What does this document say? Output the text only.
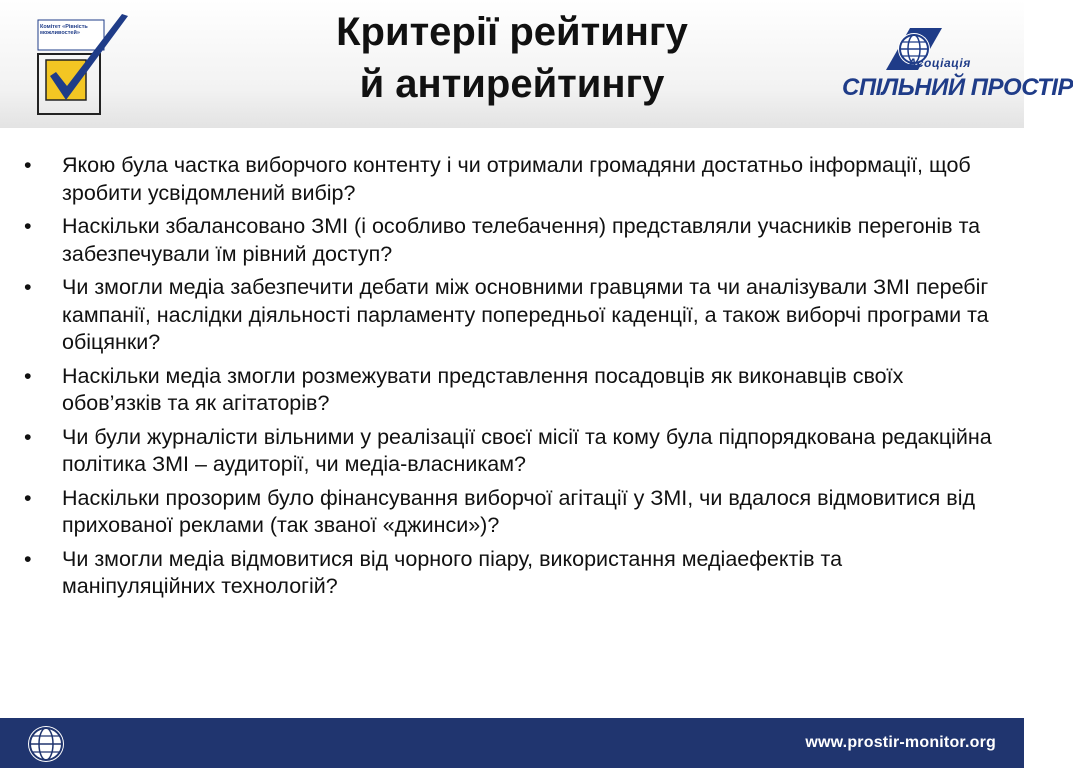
Комітет «Рівність можливостей»	Критерії рейтингу
й антирейтингу	Асоціація
СПІЛЬНИЙ ПРОСТІР
• Якою була частка виборчого контенту і чи отримали громадяни достатньо інформації, щоб зробити усвідомлений вибір?
• Наскільки збалансовано ЗМІ (і особливо телебачення) представляли учасників перегонів та забезпечували їм рівний доступ?
• Чи змогли медіа забезпечити дебати між основними гравцями та чи аналізували ЗМІ перебіг кампанії, наслідки діяльності парламенту попередньої каденції, а також виборчі програми та обіцянки?
• Наскільки медіа змогли розмежувати представлення посадовців як виконавців своїх обов’язків та як агітаторів?
• Чи були журналісти вільними у реалізації своєї місії та кому була підпорядкована редакційна політика ЗМІ – аудиторії, чи медіа-власникам?
• Наскільки прозорим було фінансування виборчої агітації у ЗМІ, чи вдалося відмовитися від прихованої реклами (так званої «джинси»)?
• Чи змогли медіа відмовитися від чорного піару, використання медіаефектів та маніпуляційних технологій?
www.prostir-monitor.org
